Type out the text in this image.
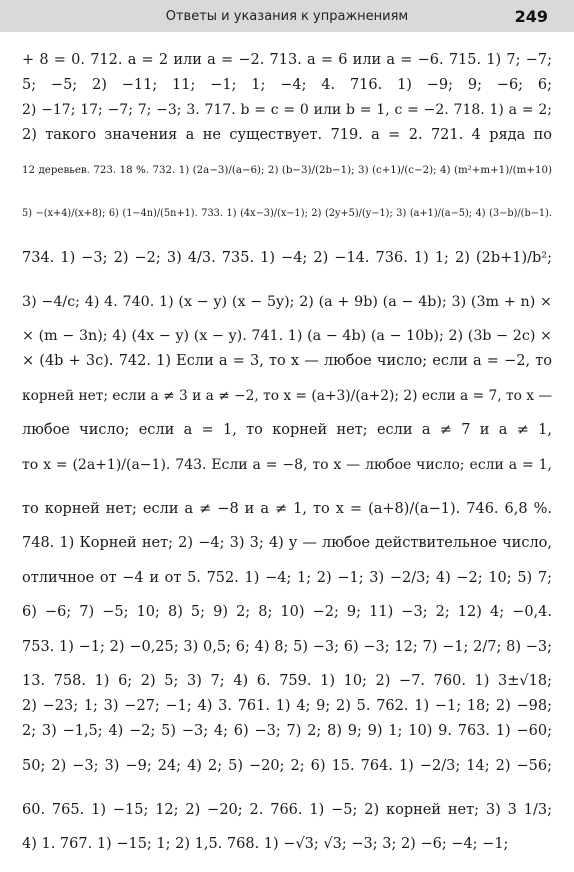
Ответы и указания к упражнениям	249

+ 8 = 0. 712. a = 2 или a = −2. 713. a = 6 или a = −6. 715. 1) 7; −7;

5; −5; 2) −11; 11; −1; 1; −4; 4. 716. 1) −9; 9; −6; 6;

2) −17; 17; −7; 7; −3; 3. 717. b = c = 0 или b = 1, c = −2. 718. 1) a = 2;

2) такого значения a не существует. 719. a = 2. 721. 4 ряда по

12 деревьев. 723. 18 %. 732. 1) (2a−3)/(a−6); 2) (b−3)/(2b−1); 3) (c+1)/(c−2); 4) (m²+m+1)/(m+10)

5) −(x+4)/(x+8); 6) (1−4n)/(5n+1). 733. 1) (4x−3)/(x−1); 2) (2y+5)/(y−1); 3) (a+1)/(a−5); 4) (3−b)/(b−1).

734. 1) −3; 2) −2; 3) 4/3. 735. 1) −4; 2) −14. 736. 1) 1; 2) (2b+1)/b²;

3) −4/c; 4) 4. 740. 1) (x − y) (x − 5y); 2) (a + 9b) (a − 4b); 3) (3m + n) ×

× (m − 3n); 4) (4x − y) (x − y). 741. 1) (a − 4b) (a − 10b); 2) (3b − 2c) ×

× (4b + 3c). 742. 1) Если a = 3, то x — любое число; если a = −2, то

корней нет; если a ≠ 3 и a ≠ −2, то x = (a+3)/(a+2); 2) если a = 7, то x —

любое число; если a = 1, то корней нет; если a ≠ 7 и a ≠ 1,

то x = (2a+1)/(a−1). 743. Если a = −8, то x — любое число; если a = 1,

то корней нет; если a ≠ −8 и a ≠ 1, то x = (a+8)/(a−1). 746. 6,8 %.

748. 1) Корней нет; 2) −4; 3) 3; 4) y — любое действительное число,

отличное от −4 и от 5. 752. 1) −4; 1; 2) −1; 3) −2/3; 4) −2; 10; 5) 7;

6) −6; 7) −5; 10; 8) 5; 9) 2; 8; 10) −2; 9; 11) −3; 2; 12) 4; −0,4.

753. 1) −1; 2) −0,25; 3) 0,5; 6; 4) 8; 5) −3; 6) −3; 12; 7) −1; 2/7; 8) −3;

13. 758. 1) 6; 2) 5; 3) 7; 4) 6. 759. 1) 10; 2) −7. 760. 1) 3±√18;

2) −23; 1; 3) −27; −1; 4) 3. 761. 1) 4; 9; 2) 5. 762. 1) −1; 18; 2) −98;

2; 3) −1,5; 4) −2; 5) −3; 4; 6) −3; 7) 2; 8) 9; 9) 1; 10) 9. 763. 1) −60;

50; 2) −3; 3) −9; 24; 4) 2; 5) −20; 2; 6) 15. 764. 1) −2/3; 14; 2) −56;

60. 765. 1) −15; 12; 2) −20; 2. 766. 1) −5; 2) корней нет; 3) 3 1/3;

4) 1. 767. 1) −15; 1; 2) 1,5. 768. 1) −√3; √3; −3; 3; 2) −6; −4; −1;
